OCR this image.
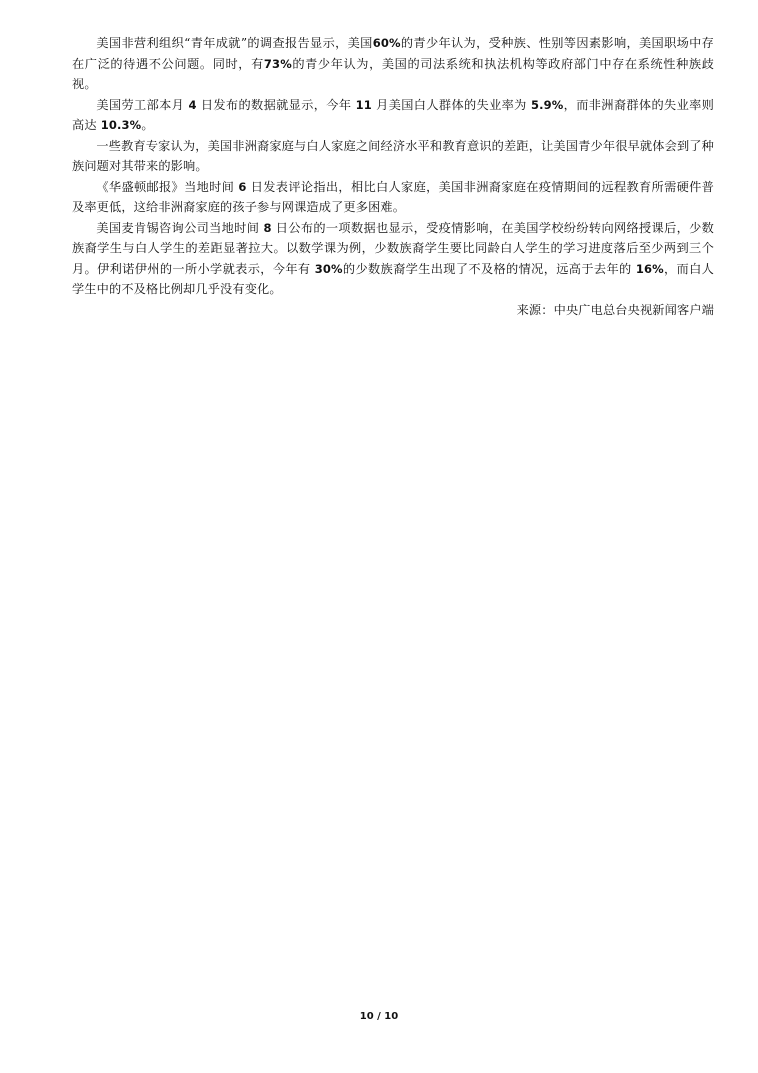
美国非营利组织“青年成就”的调查报告显示，美国60%的青少年认为，受种族、性别等因素影响，美国职场中存在广泛的待遇不公问题。同时，有73%的青少年认为，美国的司法系统和执法机构等政府部门中存在系统性种族歧视。

美国劳工部本月 4 日发布的数据就显示，今年 11 月美国白人群体的失业率为 5.9%，而非洲裔群体的失业率则高达 10.3%。

一些教育专家认为，美国非洲裔家庭与白人家庭之间经济水平和教育意识的差距，让美国青少年很早就体会到了种族问题对其带来的影响。

《华盛顿邮报》当地时间 6 日发表评论指出，相比白人家庭，美国非洲裔家庭在疫情期间的远程教育所需硬件普及率更低，这给非洲裔家庭的孩子参与网课造成了更多困难。

美国麦肯锡咨询公司当地时间 8 日公布的一项数据也显示，受疫情影响，在美国学校纷纷转向网络授课后，少数族裔学生与白人学生的差距显著拉大。以数学课为例，少数族裔学生要比同龄白人学生的学习进度落后至少两到三个月。伊利诺伊州的一所小学就表示，今年有 30%的少数族裔学生出现了不及格的情况，远高于去年的 16%，而白人学生中的不及格比例却几乎没有变化。

来源：中央广电总台央视新闻客户端

10 / 10
